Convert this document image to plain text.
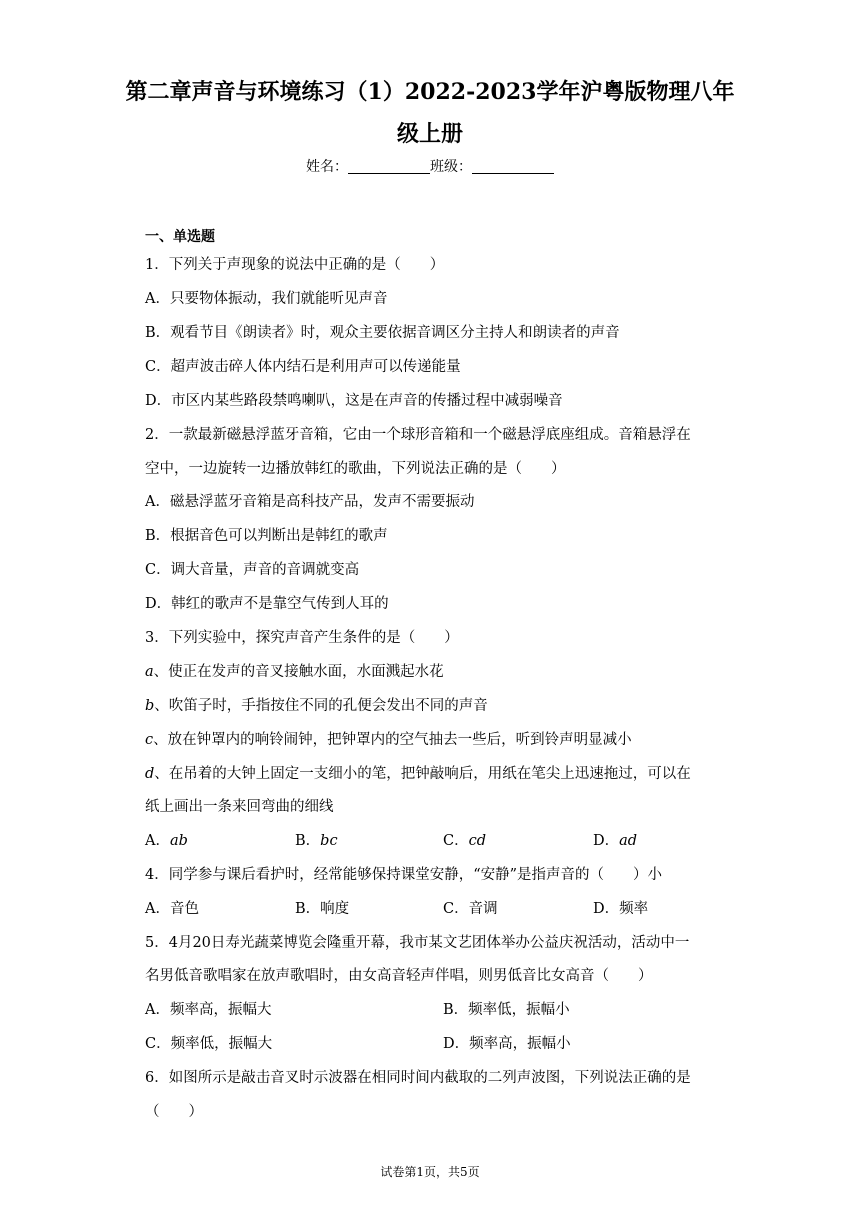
第二章声音与环境练习（1）2022-2023学年沪粤版物理八年
级上册
姓名：	班级：
一、单选题
1．下列关于声现象的说法中正确的是（　　）
A．只要物体振动，我们就能听见声音
B．观看节目《朗读者》时，观众主要依据音调区分主持人和朗读者的声音
C．超声波击碎人体内结石是利用声可以传递能量
D．市区内某些路段禁鸣喇叭，这是在声音的传播过程中减弱噪音
2．一款最新磁悬浮蓝牙音箱，它由一个球形音箱和一个磁悬浮底座组成。音箱悬浮在
空中，一边旋转一边播放韩红的歌曲，下列说法正确的是（　　）
A．磁悬浮蓝牙音箱是高科技产品，发声不需要振动
B．根据音色可以判断出是韩红的歌声
C．调大音量，声音的音调就变高
D．韩红的歌声不是靠空气传到人耳的
3．下列实验中，探究声音产生条件的是（　　）
a、使正在发声的音叉接触水面，水面溅起水花
b、吹笛子时，手指按住不同的孔便会发出不同的声音
c、放在钟罩内的响铃闹钟，把钟罩内的空气抽去一些后，听到铃声明显减小
d、在吊着的大钟上固定一支细小的笔，把钟敲响后，用纸在笔尖上迅速拖过，可以在
纸上画出一条来回弯曲的细线
A．ab	B．bc	C．cd	D．ad
4．同学参与课后看护时，经常能够保持课堂安静，“安静”是指声音的（　　）小
A．音色	B．响度	C．音调	D．频率
5．4月20日寿光蔬菜博览会隆重开幕，我市某文艺团体举办公益庆祝活动，活动中一
名男低音歌唱家在放声歌唱时，由女高音轻声伴唱，则男低音比女高音（　　）
A．频率高，振幅大	B．频率低，振幅小
C．频率低，振幅大	D．频率高，振幅小
6．如图所示是敲击音叉时示波器在相同时间内截取的二列声波图，下列说法正确的是
（　　）
试卷第1页，共5页
